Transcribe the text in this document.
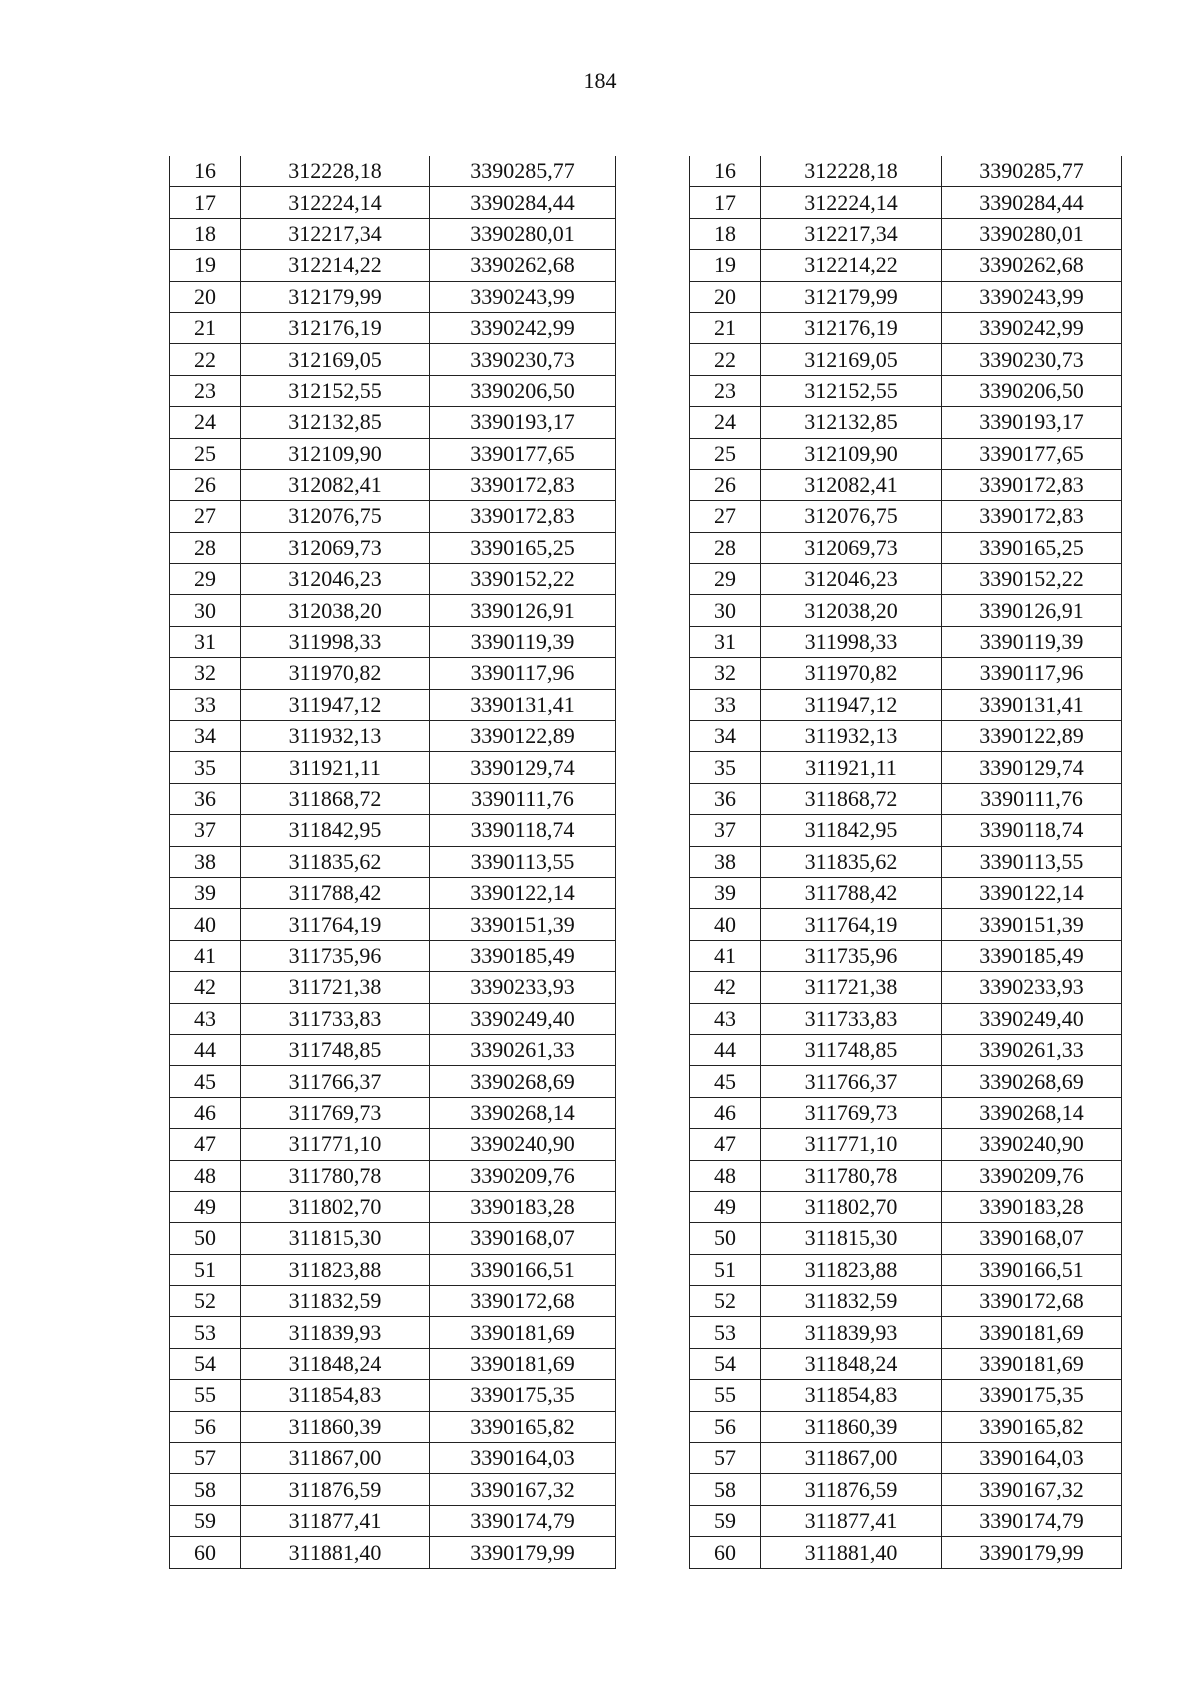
184
16	312228,18	3390285,77
17	312224,14	3390284,44
18	312217,34	3390280,01
19	312214,22	3390262,68
20	312179,99	3390243,99
21	312176,19	3390242,99
22	312169,05	3390230,73
23	312152,55	3390206,50
24	312132,85	3390193,17
25	312109,90	3390177,65
26	312082,41	3390172,83
27	312076,75	3390172,83
28	312069,73	3390165,25
29	312046,23	3390152,22
30	312038,20	3390126,91
31	311998,33	3390119,39
32	311970,82	3390117,96
33	311947,12	3390131,41
34	311932,13	3390122,89
35	311921,11	3390129,74
36	311868,72	3390111,76
37	311842,95	3390118,74
38	311835,62	3390113,55
39	311788,42	3390122,14
40	311764,19	3390151,39
41	311735,96	3390185,49
42	311721,38	3390233,93
43	311733,83	3390249,40
44	311748,85	3390261,33
45	311766,37	3390268,69
46	311769,73	3390268,14
47	311771,10	3390240,90
48	311780,78	3390209,76
49	311802,70	3390183,28
50	311815,30	3390168,07
51	311823,88	3390166,51
52	311832,59	3390172,68
53	311839,93	3390181,69
54	311848,24	3390181,69
55	311854,83	3390175,35
56	311860,39	3390165,82
57	311867,00	3390164,03
58	311876,59	3390167,32
59	311877,41	3390174,79
60	311881,40	3390179,99
16	312228,18	3390285,77
17	312224,14	3390284,44
18	312217,34	3390280,01
19	312214,22	3390262,68
20	312179,99	3390243,99
21	312176,19	3390242,99
22	312169,05	3390230,73
23	312152,55	3390206,50
24	312132,85	3390193,17
25	312109,90	3390177,65
26	312082,41	3390172,83
27	312076,75	3390172,83
28	312069,73	3390165,25
29	312046,23	3390152,22
30	312038,20	3390126,91
31	311998,33	3390119,39
32	311970,82	3390117,96
33	311947,12	3390131,41
34	311932,13	3390122,89
35	311921,11	3390129,74
36	311868,72	3390111,76
37	311842,95	3390118,74
38	311835,62	3390113,55
39	311788,42	3390122,14
40	311764,19	3390151,39
41	311735,96	3390185,49
42	311721,38	3390233,93
43	311733,83	3390249,40
44	311748,85	3390261,33
45	311766,37	3390268,69
46	311769,73	3390268,14
47	311771,10	3390240,90
48	311780,78	3390209,76
49	311802,70	3390183,28
50	311815,30	3390168,07
51	311823,88	3390166,51
52	311832,59	3390172,68
53	311839,93	3390181,69
54	311848,24	3390181,69
55	311854,83	3390175,35
56	311860,39	3390165,82
57	311867,00	3390164,03
58	311876,59	3390167,32
59	311877,41	3390174,79
60	311881,40	3390179,99
